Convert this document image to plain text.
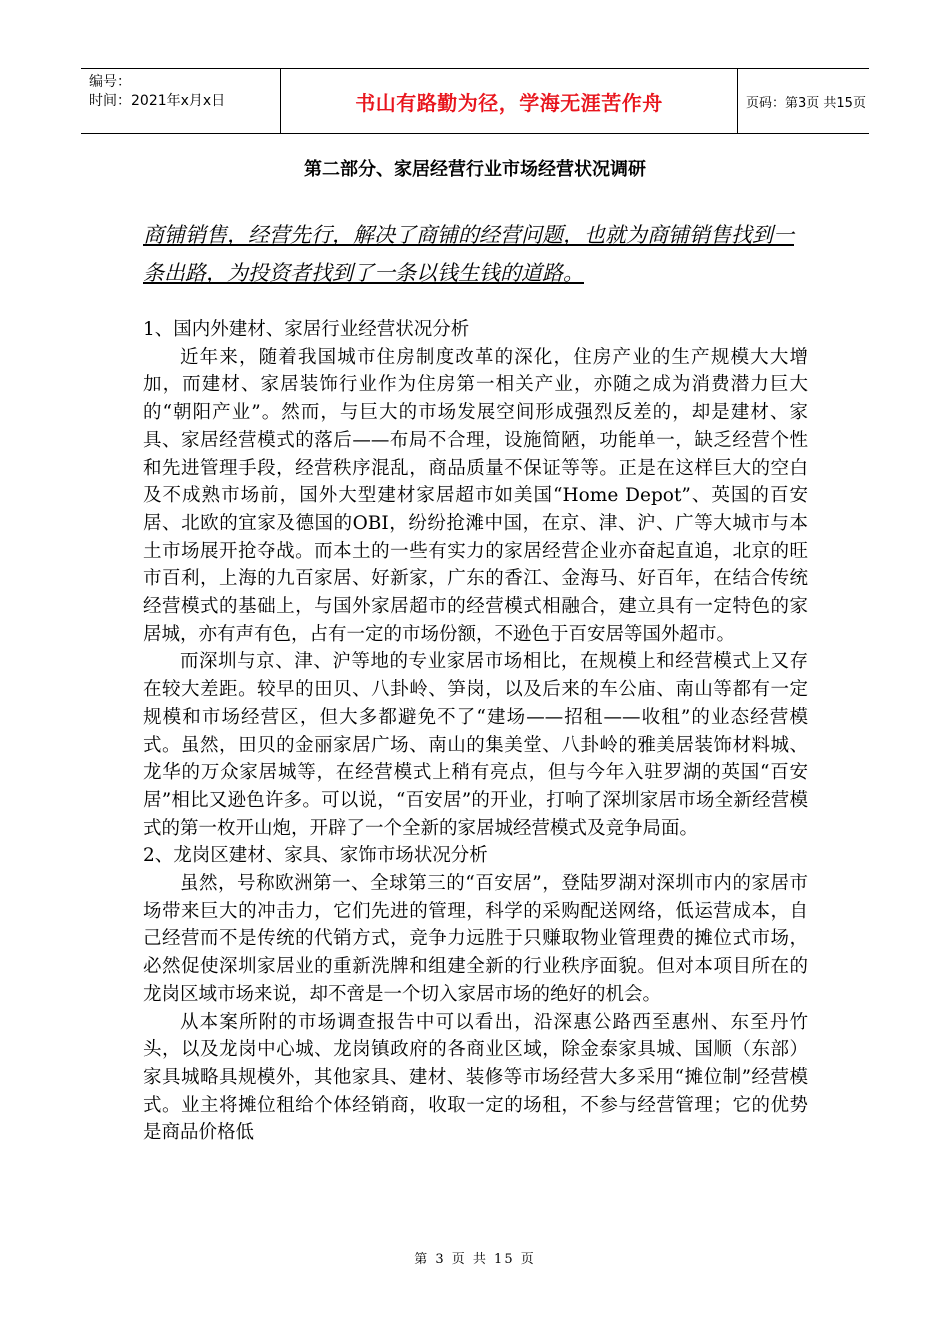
编号：
时间：2021年x月x日	书山有路勤为径，学海无涯苦作舟	页码：第3页 共15页
第二部分、家居经营行业市场经营状况调研
商铺销售，经营先行，解决了商铺的经营问题，也就为商铺销售找到一条出路，为投资者找到了一条以钱生钱的道路。

1、国内外建材、家居行业经营状况分析

近年来，随着我国城市住房制度改革的深化，住房产业的生产规模大大增加，而建材、家居装饰行业作为住房第一相关产业，亦随之成为消费潜力巨大的“朝阳产业”。然而，与巨大的市场发展空间形成强烈反差的，却是建材、家具、家居经营模式的落后——布局不合理，设施简陋，功能单一，缺乏经营个性和先进管理手段，经营秩序混乱，商品质量不保证等等。正是在这样巨大的空白及不成熟市场前，国外大型建材家居超市如美国“Home Depot”、英国的百安居、北欧的宜家及德国的OBI，纷纷抢滩中国，在京、津、沪、广等大城市与本土市场展开抢夺战。而本土的一些有实力的家居经营企业亦奋起直追，北京的旺市百利，上海的九百家居、好新家，广东的香江、金海马、好百年，在结合传统经营模式的基础上，与国外家居超市的经营模式相融合，建立具有一定特色的家居城，亦有声有色，占有一定的市场份额，不逊色于百安居等国外超市。

而深圳与京、津、沪等地的专业家居市场相比，在规模上和经营模式上又存在较大差距。较早的田贝、八卦岭、笋岗，以及后来的车公庙、南山等都有一定规模和市场经营区，但大多都避免不了“建场——招租——收租”的业态经营模式。虽然，田贝的金丽家居广场、南山的集美堂、八卦岭的雅美居装饰材料城、龙华的万众家居城等，在经营模式上稍有亮点，但与今年入驻罗湖的英国“百安居”相比又逊色许多。可以说，“百安居”的开业，打响了深圳家居市场全新经营模式的第一枚开山炮，开辟了一个全新的家居城经营模式及竞争局面。

2、龙岗区建材、家具、家饰市场状况分析

虽然，号称欧洲第一、全球第三的“百安居”，登陆罗湖对深圳市内的家居市场带来巨大的冲击力，它们先进的管理，科学的采购配送网络，低运营成本，自己经营而不是传统的代销方式，竞争力远胜于只赚取物业管理费的摊位式市场，必然促使深圳家居业的重新洗牌和组建全新的行业秩序面貌。但对本项目所在的龙岗区域市场来说，却不啻是一个切入家居市场的绝好的机会。

从本案所附的市场调查报告中可以看出，沿深惠公路西至惠州、东至丹竹头，以及龙岗中心城、龙岗镇政府的各商业区域，除金泰家具城、国顺（东部）家具城略具规模外，其他家具、建材、装修等市场经营大多采用“摊位制”经营模式。业主将摊位租给个体经销商，收取一定的场租，不参与经营管理；它的优势是商品价格低

第 3 页 共 15 页
